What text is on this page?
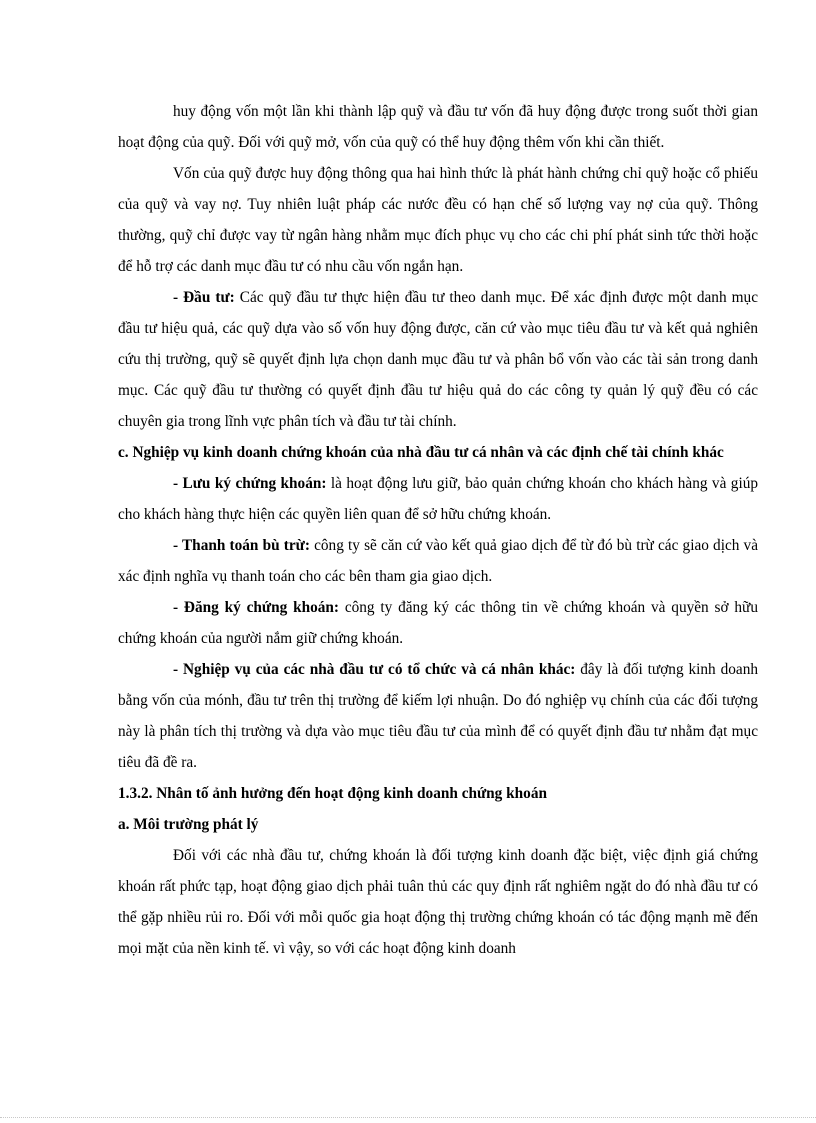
huy động vốn một lần khi thành lập quỹ và đầu tư vốn đã huy động được trong suốt thời gian hoạt động của quỹ. Đối với quỹ mở, vốn của quỹ có thể huy động thêm vốn khi cần thiết.

Vốn của quỹ được huy động thông qua hai hình thức là phát hành chứng chỉ quỹ hoặc cổ phiếu của quỹ và vay nợ. Tuy nhiên luật pháp các nước đều có hạn chế số lượng vay nợ của quỹ. Thông thường, quỹ chỉ được vay từ ngân hàng nhằm mục đích phục vụ cho các chi phí phát sinh tức thời hoặc để hỗ trợ các danh mục đầu tư có nhu cầu vốn ngắn hạn.

- Đầu tư: Các quỹ đầu tư thực hiện đầu tư theo danh mục. Để xác định được một danh mục đầu tư hiệu quả, các quỹ dựa vào số vốn huy động được, căn cứ vào mục tiêu đầu tư và kết quả nghiên cứu thị trường, quỹ sẽ quyết định lựa chọn danh mục đầu tư và phân bổ vốn vào các tài sản trong danh mục. Các quỹ đầu tư thường có quyết định đầu tư hiệu quả do các công ty quản lý quỹ đều có các chuyên gia trong lĩnh vực phân tích và đầu tư tài chính.

c. Nghiệp vụ kinh doanh chứng khoán của nhà đầu tư cá nhân và các định chế tài chính khác

- Lưu ký chứng khoán: là hoạt động lưu giữ, bảo quản chứng khoán cho khách hàng và giúp cho khách hàng thực hiện các quyền liên quan để sở hữu chứng khoán.

- Thanh toán bù trừ: công ty sẽ căn cứ vào kết quả giao dịch để từ đó bù trừ các giao dịch và xác định nghĩa vụ thanh toán cho các bên tham gia giao dịch.

- Đăng ký chứng khoán: công ty đăng ký các thông tin về chứng khoán và quyền sở hữu chứng khoán của người nắm giữ chứng khoán.

- Nghiệp vụ của các nhà đầu tư có tổ chức và cá nhân khác: đây là đối tượng kinh doanh bằng vốn của mónh, đầu tư trên thị trường để kiếm lợi nhuận. Do đó nghiệp vụ chính của các đối tượng này là phân tích thị trường và dựa vào mục tiêu đầu tư của mình để có quyết định đầu tư nhằm đạt mục tiêu đã đề ra.

1.3.2. Nhân tố ảnh hưởng đến hoạt động kinh doanh chứng khoán

a. Môi trường phát lý

Đối với các nhà đầu tư, chứng khoán là đối tượng kinh doanh đặc biệt, việc định giá chứng khoán rất phức tạp, hoạt động giao dịch phải tuân thủ các quy định rất nghiêm ngặt do đó nhà đầu tư có thể gặp nhiều rủi ro. Đối với mỗi quốc gia hoạt động thị trường chứng khoán có tác động mạnh mẽ đến mọi mặt của nền kinh tế. vì vậy, so với các hoạt động kinh doanh
